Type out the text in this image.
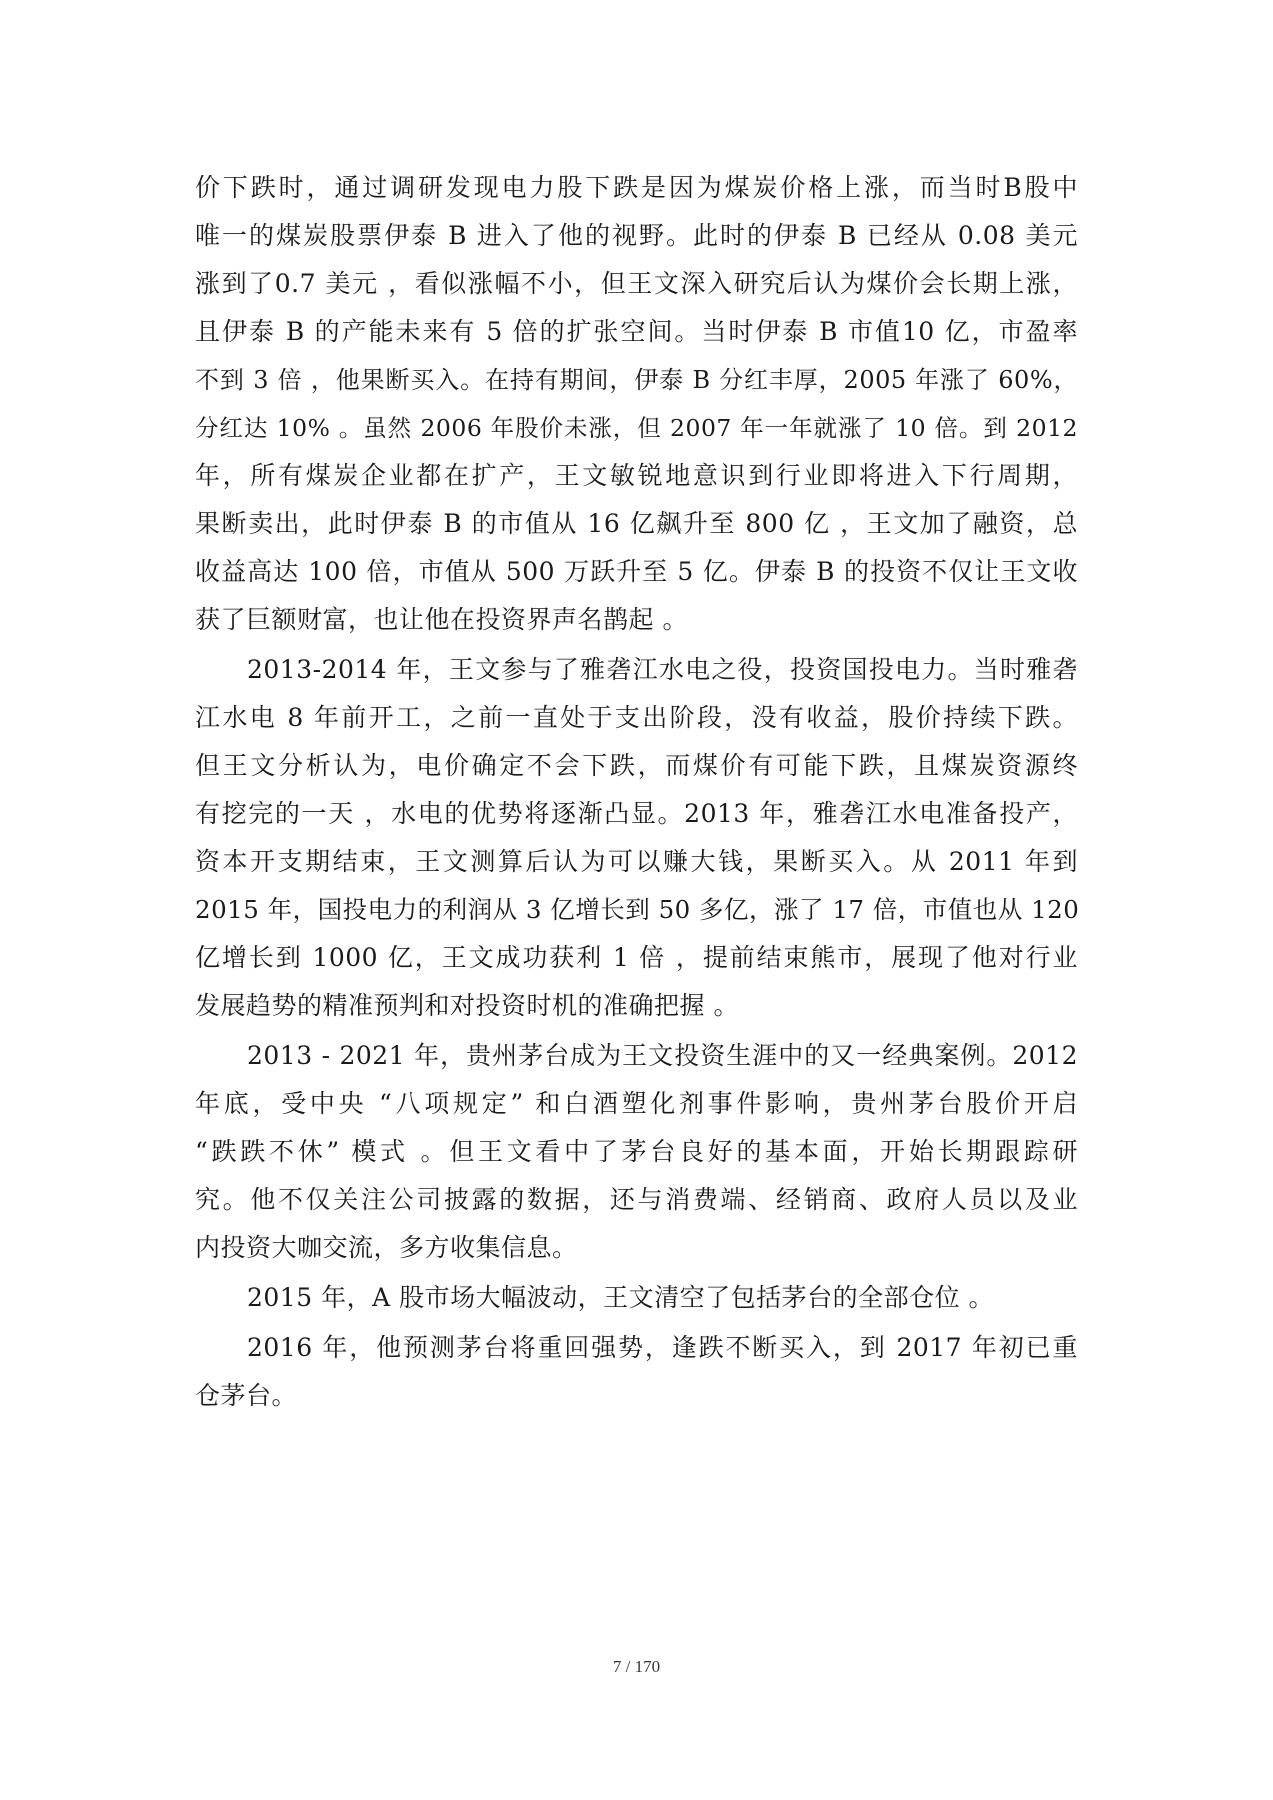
价下跌时，通过调研发现电力股下跌是因为煤炭价格上涨，而当时B股中
唯一的煤炭股票伊泰 B 进入了他的视野。此时的伊泰 B 已经从 0.08 美元
涨到了0.7 美元 ，看似涨幅不小，但王文深入研究后认为煤价会长期上涨，
且伊泰 B 的产能未来有 5 倍的扩张空间。当时伊泰 B 市值10 亿，市盈率
不到 3 倍 ，他果断买入。在持有期间，伊泰 B 分红丰厚，2005 年涨了 60%，
分红达 10% 。虽然 2006 年股价未涨，但 2007 年一年就涨了 10 倍。到 2012
年，所有煤炭企业都在扩产，王文敏锐地意识到行业即将进入下行周期，
果断卖出，此时伊泰 B 的市值从 16 亿飙升至 800 亿 ，王文加了融资，总
收益高达 100 倍，市值从 500 万跃升至 5 亿。伊泰 B 的投资不仅让王文收
获了巨额财富，也让他在投资界声名鹊起 。
2013-2014 年，王文参与了雅砻江水电之役，投资国投电力。当时雅砻
江水电 8 年前开工，之前一直处于支出阶段，没有收益，股价持续下跌。
但王文分析认为，电价确定不会下跌，而煤价有可能下跌，且煤炭资源终
有挖完的一天 ，水电的优势将逐渐凸显。2013 年，雅砻江水电准备投产，
资本开支期结束，王文测算后认为可以赚大钱，果断买入。从 2011 年到
2015 年，国投电力的利润从 3 亿增长到 50 多亿，涨了 17 倍，市值也从 120
亿增长到 1000 亿，王文成功获利 1 倍 ，提前结束熊市，展现了他对行业
发展趋势的精准预判和对投资时机的准确把握 。
2013 - 2021 年，贵州茅台成为王文投资生涯中的又一经典案例。2012
年底，受中央 “八项规定” 和白酒塑化剂事件影响，贵州茅台股价开启
“跌跌不休” 模式 。但王文看中了茅台良好的基本面，开始长期跟踪研
究。他不仅关注公司披露的数据，还与消费端、经销商、政府人员以及业
内投资大咖交流，多方收集信息。
2015 年，A 股市场大幅波动，王文清空了包括茅台的全部仓位 。
2016 年，他预测茅台将重回强势，逢跌不断买入，到 2017 年初已重
仓茅台。
7 / 170
